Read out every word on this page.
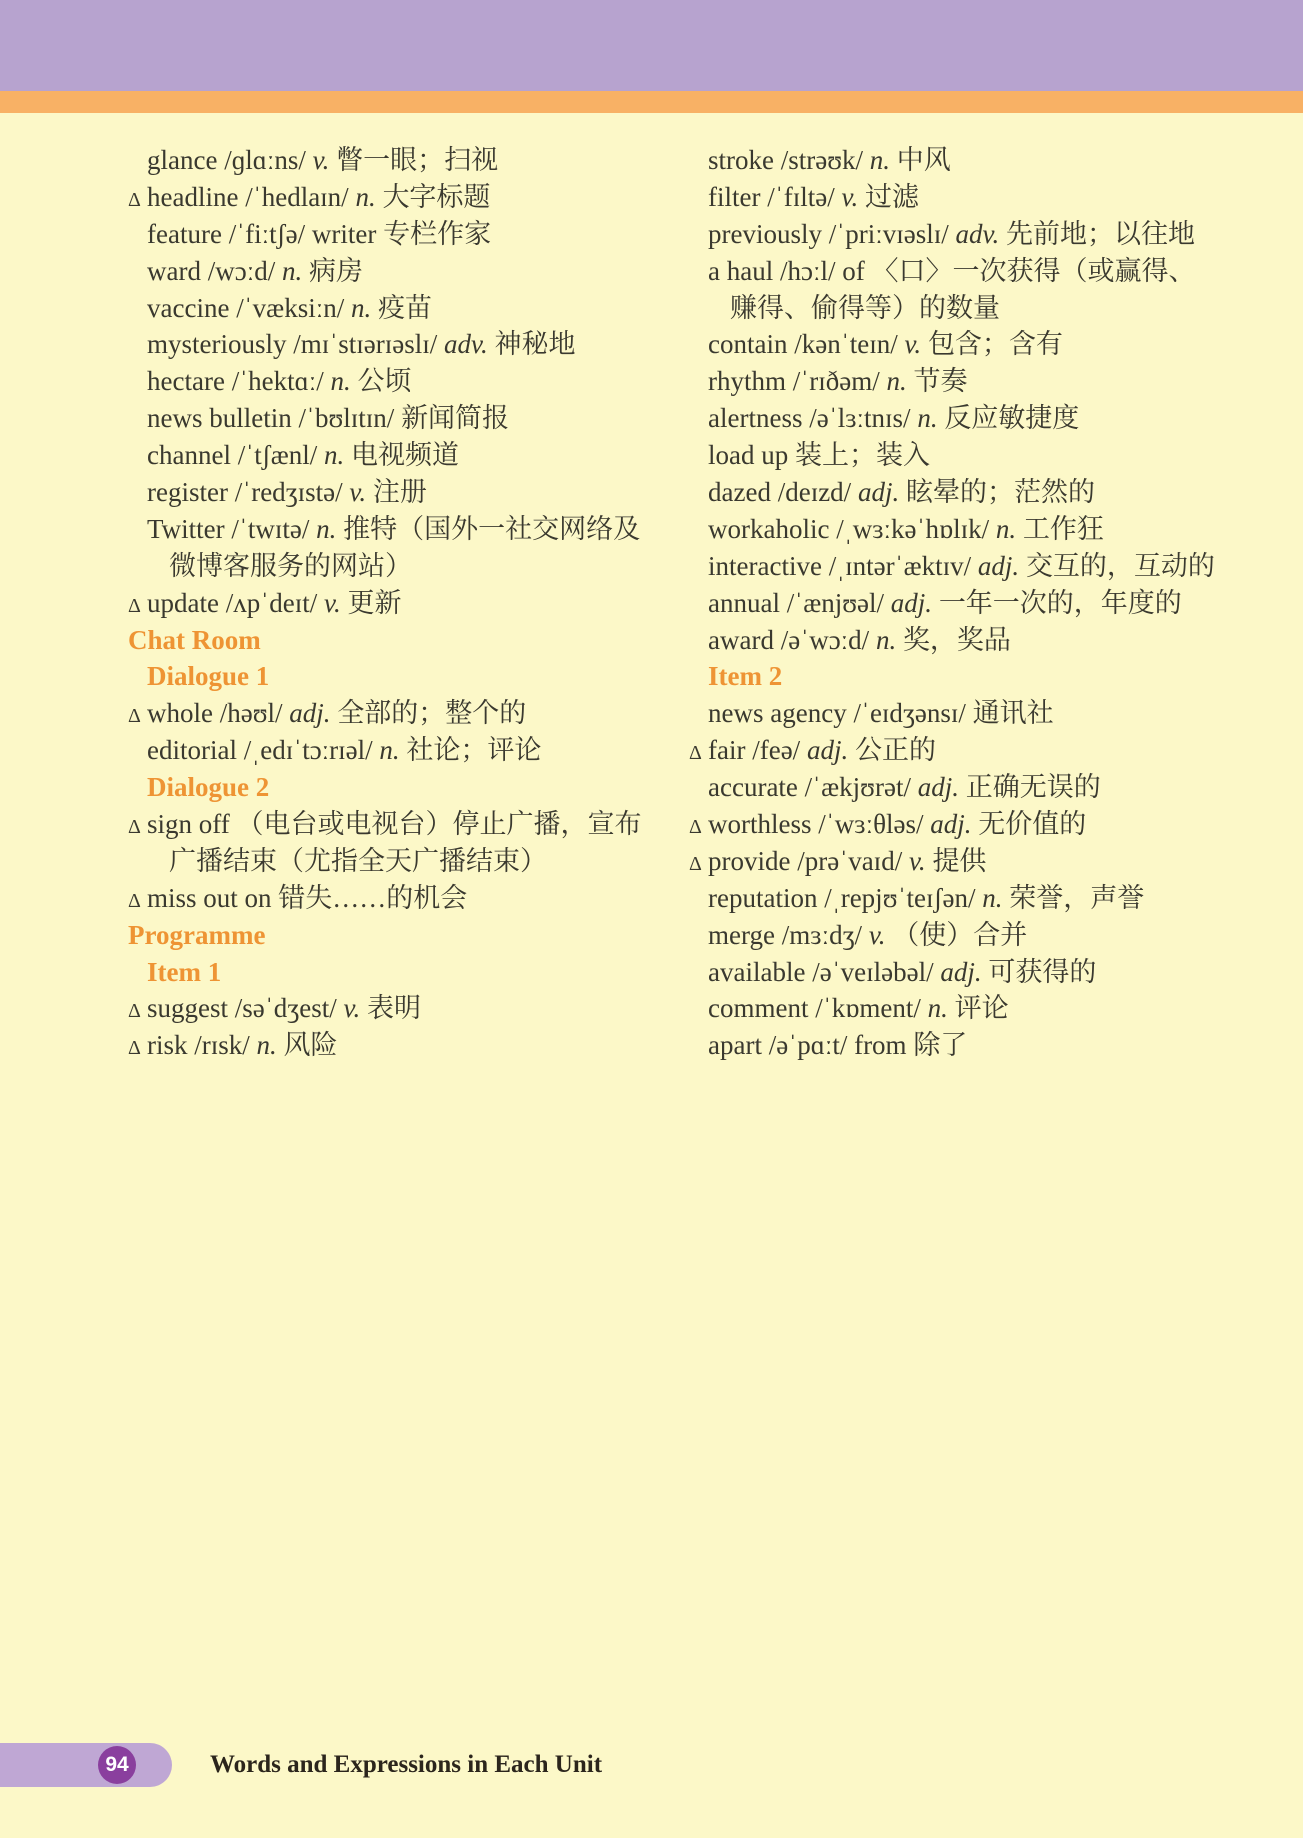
glance /ɡlɑːns/ v. 瞥一眼；扫视
Δ headline /ˈhedlaɪn/ n. 大字标题
feature /ˈfiːtʃə/ writer 专栏作家
ward /wɔːd/ n. 病房
vaccine /ˈvæksiːn/ n. 疫苗
mysteriously /mɪˈstɪərɪəslɪ/ adv. 神秘地
hectare /ˈhektɑː/ n. 公顷
news bulletin /ˈbʊlɪtɪn/ 新闻简报
channel /ˈtʃænl/ n. 电视频道
register /ˈredʒɪstə/ v. 注册
Twitter /ˈtwɪtə/ n. 推特（国外一社交网络及
微博客服务的网站）
Δ update /ʌpˈdeɪt/ v. 更新
Chat Room
Dialogue 1
Δ whole /həʊl/ adj. 全部的；整个的
editorial /ˌedɪˈtɔːrɪəl/ n. 社论；评论
Dialogue 2
Δ sign off （电台或电视台）停止广播，宣布
广播结束（尤指全天广播结束）
Δ miss out on 错失……的机会
Programme
Item 1
Δ suggest /səˈdʒest/ v. 表明
Δ risk /rɪsk/ n. 风险
stroke /strəʊk/ n. 中风
filter /ˈfɪltə/ v. 过滤
previously /ˈpriːvɪəslɪ/ adv. 先前地；以往地
a haul /hɔːl/ of 〈口〉一次获得（或赢得、
赚得、偷得等）的数量
contain /kənˈteɪn/ v. 包含；含有
rhythm /ˈrɪðəm/ n. 节奏
alertness /əˈlɜːtnɪs/ n. 反应敏捷度
load up 装上；装入
dazed /deɪzd/ adj. 眩晕的；茫然的
workaholic /ˌwɜːkəˈhɒlɪk/ n. 工作狂
interactive /ˌɪntərˈæktɪv/ adj. 交互的，互动的
annual /ˈænjʊəl/ adj. 一年一次的，年度的
award /əˈwɔːd/ n. 奖，奖品
Item 2
news agency /ˈeɪdʒənsɪ/ 通讯社
Δ fair /feə/ adj. 公正的
accurate /ˈækjʊrət/ adj. 正确无误的
Δ worthless /ˈwɜːθləs/ adj. 无价值的
Δ provide /prəˈvaɪd/ v. 提供
reputation /ˌrepjʊˈteɪʃən/ n. 荣誉，声誉
merge /mɜːdʒ/ v. （使）合并
available /əˈveɪləbəl/ adj. 可获得的
comment /ˈkɒment/ n. 评论
apart /əˈpɑːt/ from 除了
94	Words and Expressions in Each Unit
